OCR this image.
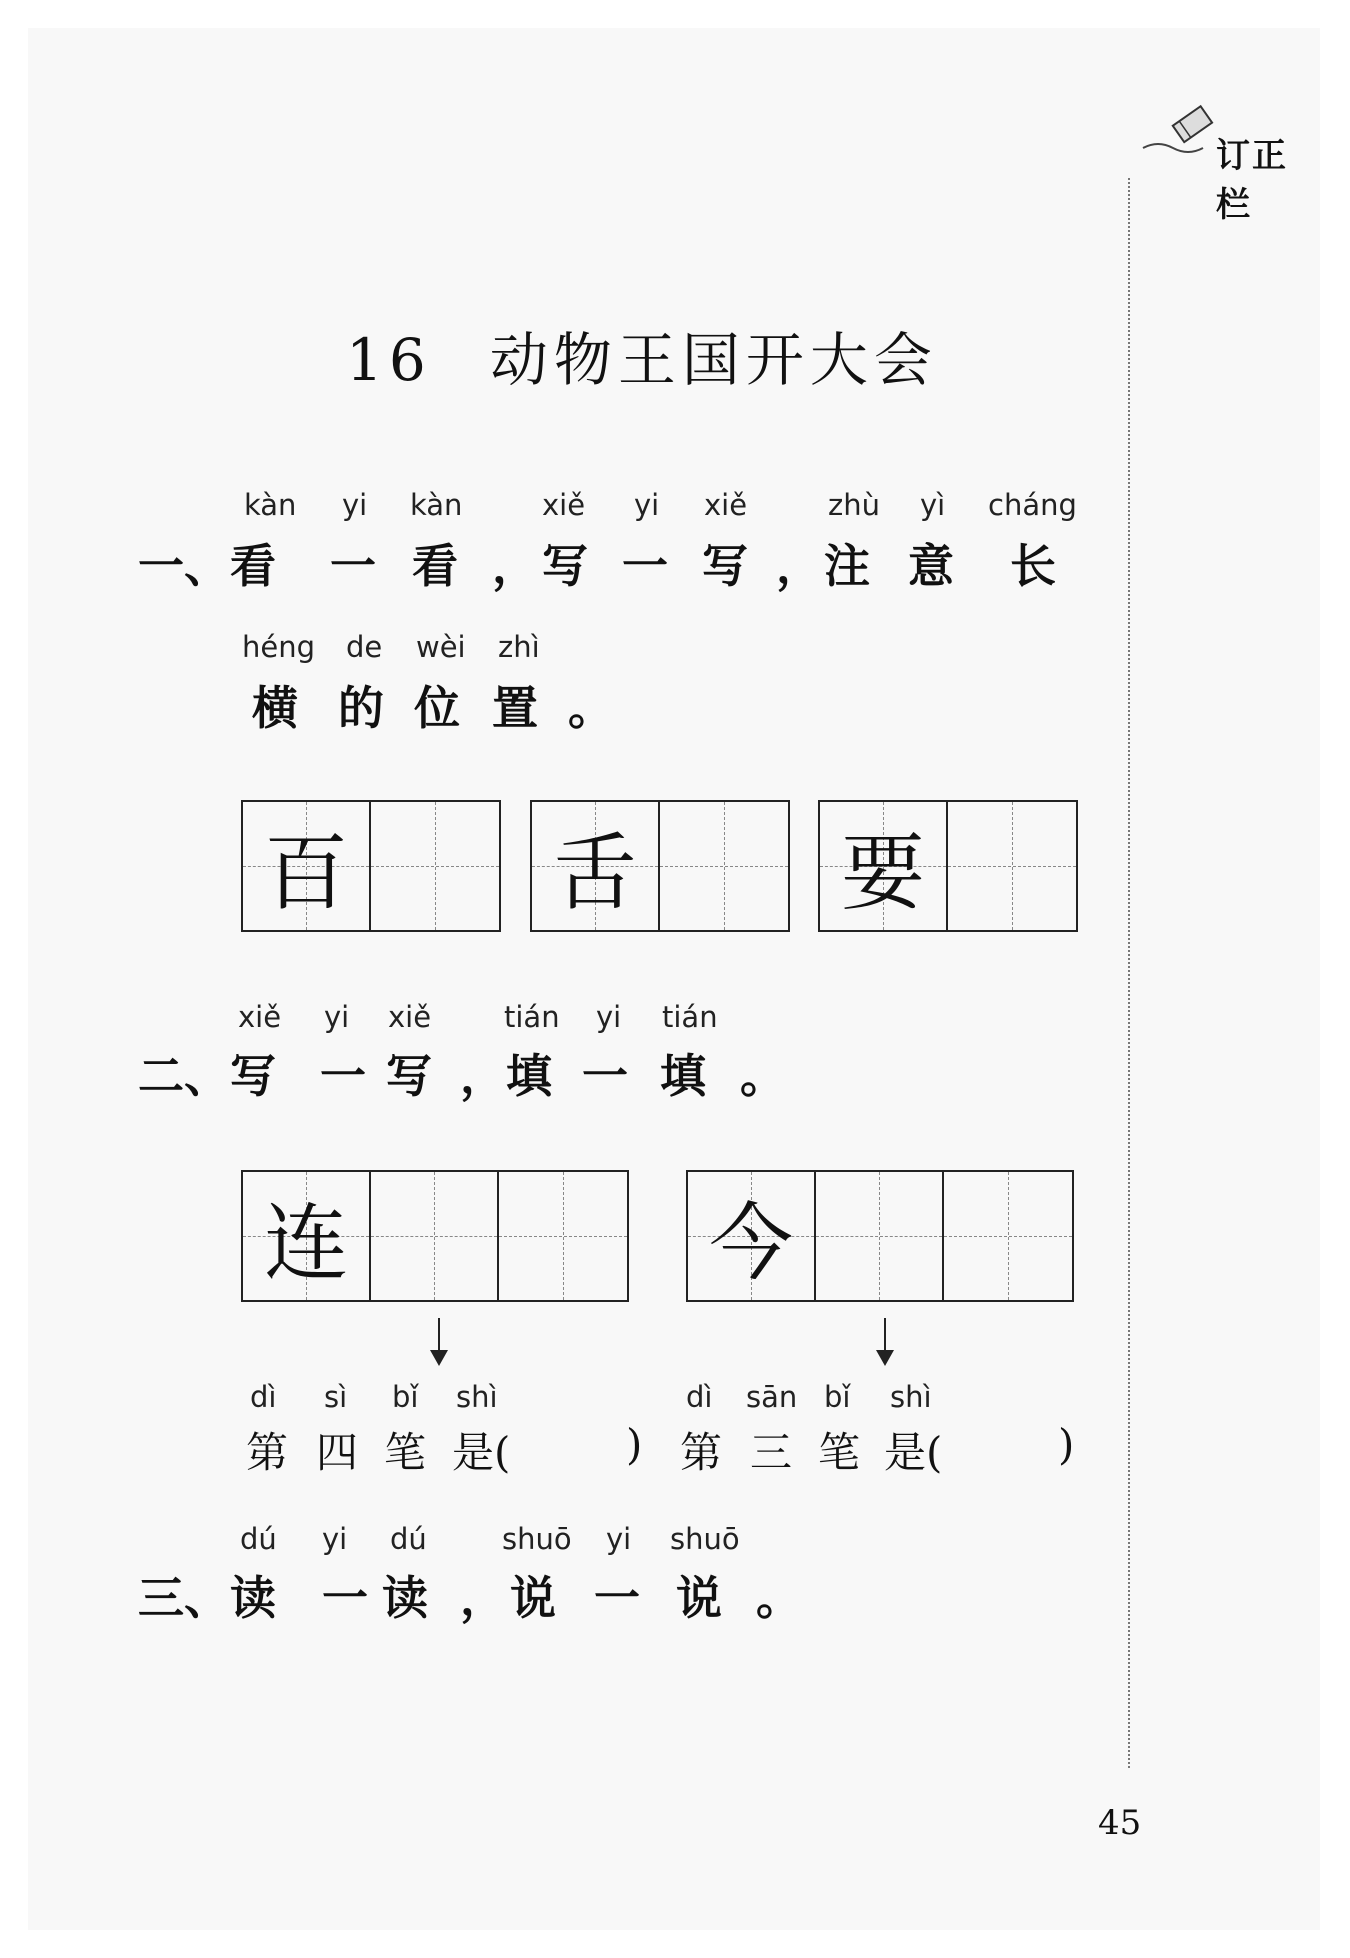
订正栏
16 动物王国开大会
kàn yi kàn	xiě yi xiě	zhù yì cháng
一、看 一 看 ， 写 一 写 ， 注 意 长
héng de wèi zhì
横 的 位 置 。
百 舌 要
xiě yi xiě	tián yi tián
二、写 一 写 ， 填 一 填 。
连	今
dì sì bǐ shì
第 四 笔 是(	)
dì sān bǐ shì
第 三 笔 是(	)
dú yi dú	shuō yi shuō
三、读 一 读 ， 说 一 说 。
45
